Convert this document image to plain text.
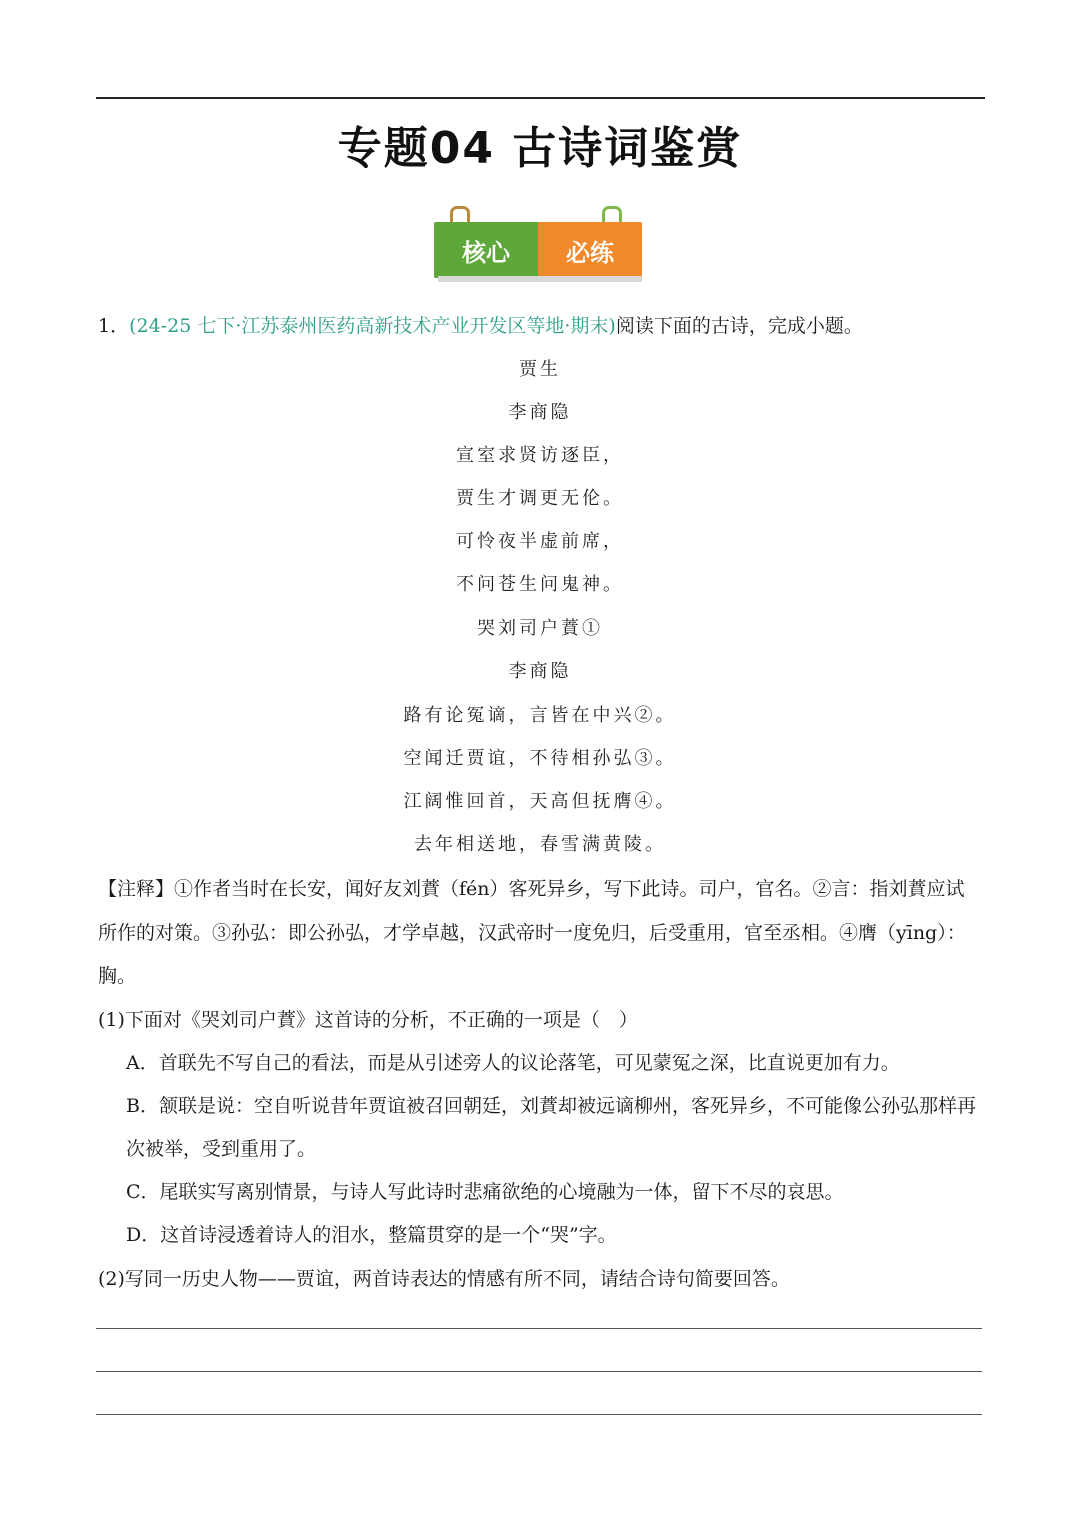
专题04 古诗词鉴赏
核心	必练
1．(24-25 七下·江苏泰州医药高新技术产业开发区等地·期末)阅读下面的古诗，完成小题。
贾生
李商隐
宣室求贤访逐臣，
贾生才调更无伦。
可怜夜半虚前席，
不问苍生问鬼神。
哭刘司户蕡①
李商隐
路有论冤谪，言皆在中兴②。
空闻迁贾谊，不待相孙弘③。
江阔惟回首，天高但抚膺④。
去年相送地，春雪满黄陵。
【注释】①作者当时在长安，闻好友刘蕡（fén）客死异乡，写下此诗。司户，官名。②言：指刘蕡应试
所作的对策。③孙弘：即公孙弘，才学卓越，汉武帝时一度免归，后受重用，官至丞相。④膺（yīng）：
胸。
(1)下面对《哭刘司户蕡》这首诗的分析，不正确的一项是（　）
A．首联先不写自己的看法，而是从引述旁人的议论落笔，可见蒙冤之深，比直说更加有力。
B．颔联是说：空自听说昔年贾谊被召回朝廷，刘蕡却被远谪柳州，客死异乡，不可能像公孙弘那样再
次被举，受到重用了。
C．尾联实写离别情景，与诗人写此诗时悲痛欲绝的心境融为一体，留下不尽的哀思。
D．这首诗浸透着诗人的泪水，整篇贯穿的是一个“哭”字。
(2)写同一历史人物——贾谊，两首诗表达的情感有所不同，请结合诗句简要回答。
